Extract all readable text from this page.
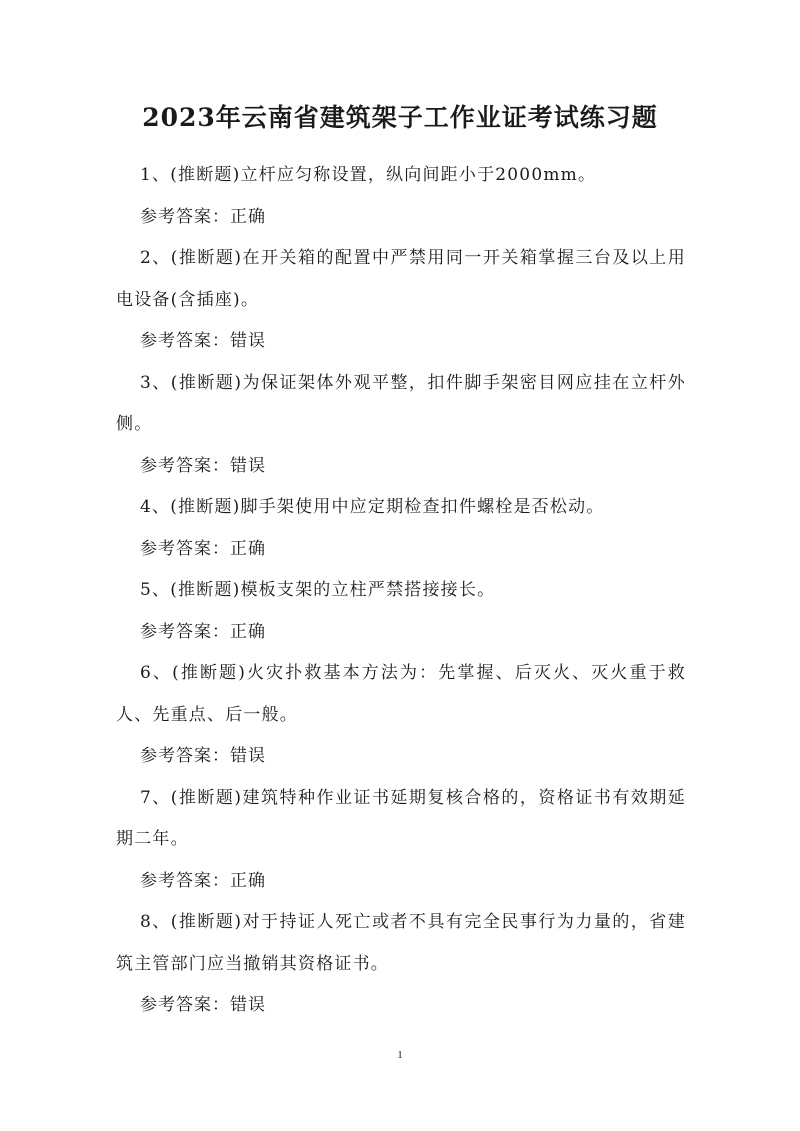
2023年云南省建筑架子工作业证考试练习题

1、(推断题)立杆应匀称设置，纵向间距小于2000mm。

参考答案：正确

2、(推断题)在开关箱的配置中严禁用同一开关箱掌握三台及以上用电设备(含插座)。

参考答案：错误

3、(推断题)为保证架体外观平整，扣件脚手架密目网应挂在立杆外侧。

参考答案：错误

4、(推断题)脚手架使用中应定期检查扣件螺栓是否松动。

参考答案：正确

5、(推断题)模板支架的立柱严禁搭接接长。

参考答案：正确

6、(推断题)火灾扑救基本方法为：先掌握、后灭火、灭火重于救人、先重点、后一般。

参考答案：错误

7、(推断题)建筑特种作业证书延期复核合格的，资格证书有效期延期二年。

参考答案：正确

8、(推断题)对于持证人死亡或者不具有完全民事行为力量的，省建筑主管部门应当撤销其资格证书。

参考答案：错误

1
